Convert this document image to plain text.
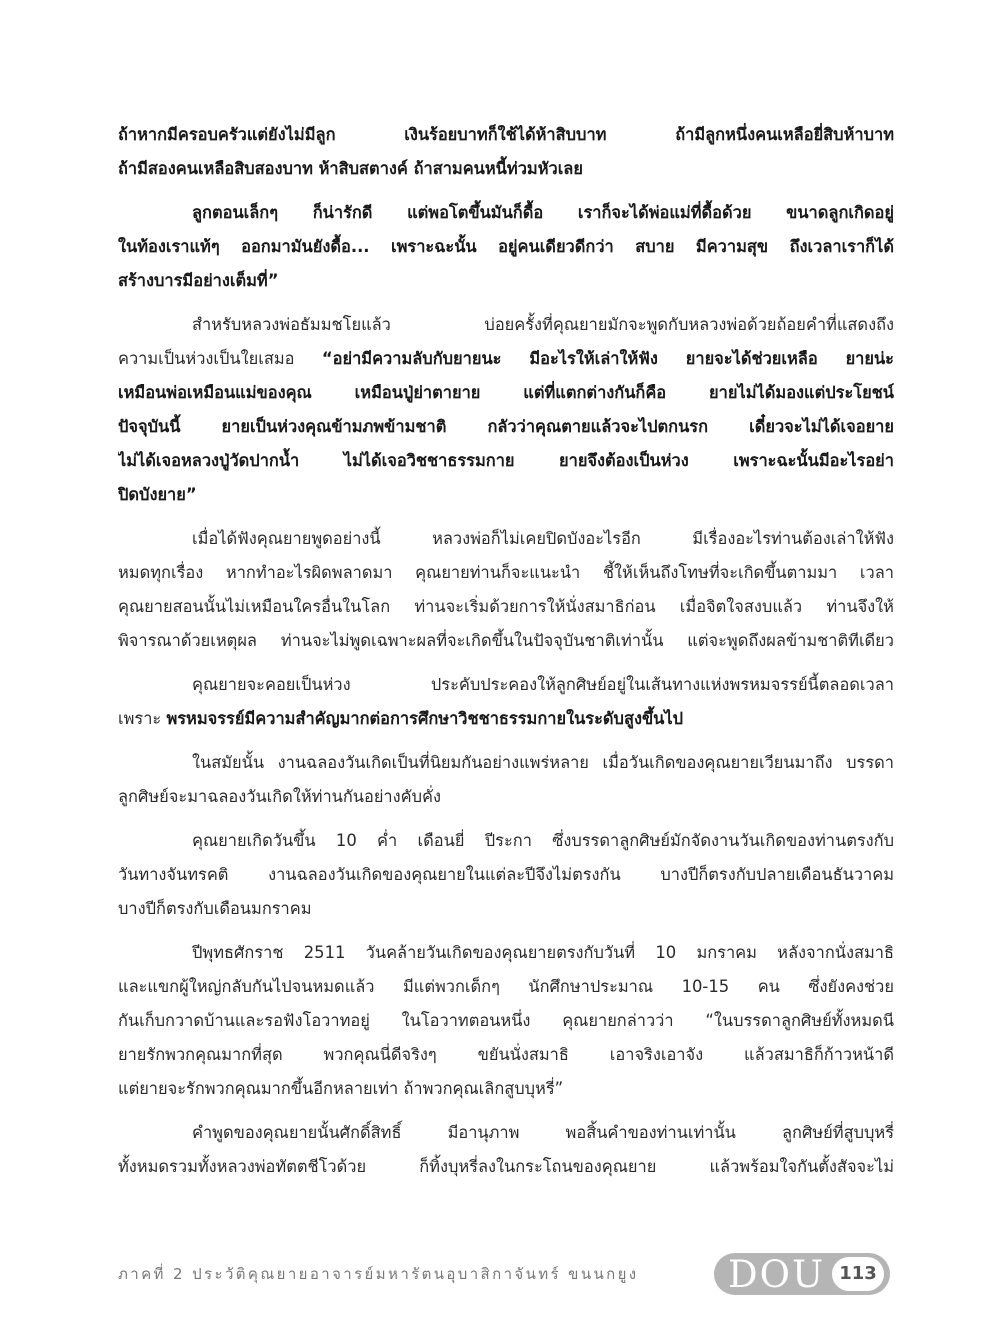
ถ้าหากมีครอบครัวแต่ยังไม่มีลูก เงินร้อยบาทก็ใช้ได้ห้าสิบบาท ถ้ามีลูกหนึ่งคนเหลือยี่สิบห้าบาท
ถ้ามีสองคนเหลือสิบสองบาท ห้าสิบสตางค์ ถ้าสามคนหนี้ท่วมหัวเลย
ลูกตอนเล็กๆ ก็น่ารักดี แต่พอโตขึ้นมันก็ดื้อ เราก็จะได้พ่อแม่ที่ดื้อด้วย ขนาดลูกเกิดอยู่
ในท้องเราแท้ๆ ออกมามันยังดื้อ... เพราะฉะนั้น อยู่คนเดียวดีกว่า สบาย มีความสุข ถึงเวลาเราก็ได้
สร้างบารมีอย่างเต็มที่”
สำหรับหลวงพ่อธัมมชโยแล้ว บ่อยครั้งที่คุณยายมักจะพูดกับหลวงพ่อด้วยถ้อยคำที่แสดงถึง
ความเป็นห่วงเป็นใยเสมอ “อย่ามีความลับกับยายนะ มีอะไรให้เล่าให้ฟัง ยายจะได้ช่วยเหลือ ยายน่ะ
เหมือนพ่อเหมือนแม่ของคุณ เหมือนปู่ย่าตายาย แต่ที่แตกต่างกันก็คือ ยายไม่ได้มองแต่ประโยชน์
ปัจจุบันนี้ ยายเป็นห่วงคุณข้ามภพข้ามชาติ กลัวว่าคุณตายแล้วจะไปตกนรก เดี๋ยวจะไม่ได้เจอยาย
ไม่ได้เจอหลวงปู่วัดปากน้ำ ไม่ได้เจอวิชชาธรรมกาย ยายจึงต้องเป็นห่วง เพราะฉะนั้นมีอะไรอย่า
ปิดบังยาย”
เมื่อได้ฟังคุณยายพูดอย่างนี้ หลวงพ่อก็ไม่เคยปิดบังอะไรอีก มีเรื่องอะไรท่านต้องเล่าให้ฟัง
หมดทุกเรื่อง หากทำอะไรผิดพลาดมา คุณยายท่านก็จะแนะนำ ชี้ให้เห็นถึงโทษที่จะเกิดขึ้นตามมา เวลา
คุณยายสอนนั้นไม่เหมือนใครอื่นในโลก ท่านจะเริ่มด้วยการให้นั่งสมาธิก่อน เมื่อจิตใจสงบแล้ว ท่านจึงให้
พิจารณาด้วยเหตุผล ท่านจะไม่พูดเฉพาะผลที่จะเกิดขึ้นในปัจจุบันชาติเท่านั้น แต่จะพูดถึงผลข้ามชาติทีเดียว
คุณยายจะคอยเป็นห่วง ประคับประคองให้ลูกศิษย์อยู่ในเส้นทางแห่งพรหมจรรย์นี้ตลอดเวลา
เพราะ พรหมจรรย์มีความสำคัญมากต่อการศึกษาวิชชาธรรมกายในระดับสูงขึ้นไป
ในสมัยนั้น งานฉลองวันเกิดเป็นที่นิยมกันอย่างแพร่หลาย เมื่อวันเกิดของคุณยายเวียนมาถึง บรรดา
ลูกศิษย์จะมาฉลองวันเกิดให้ท่านกันอย่างคับคั่ง
คุณยายเกิดวันขึ้น 10 ค่ำ เดือนยี่ ปีระกา ซึ่งบรรดาลูกศิษย์มักจัดงานวันเกิดของท่านตรงกับ
วันทางจันทรคติ งานฉลองวันเกิดของคุณยายในแต่ละปีจึงไม่ตรงกัน บางปีก็ตรงกับปลายเดือนธันวาคม
บางปีก็ตรงกับเดือนมกราคม
ปีพุทธศักราช 2511 วันคล้ายวันเกิดของคุณยายตรงกับวันที่ 10 มกราคม หลังจากนั่งสมาธิ
และแขกผู้ใหญ่กลับกันไปจนหมดแล้ว มีแต่พวกเด็กๆ นักศึกษาประมาณ 10-15 คน ซึ่งยังคงช่วย
กันเก็บกวาดบ้านและรอฟังโอวาทอยู่ ในโอวาทตอนหนึ่ง คุณยายกล่าวว่า “ในบรรดาลูกศิษย์ทั้งหมดนี
ยายรักพวกคุณมากที่สุด พวกคุณนี่ดีจริงๆ ขยันนั่งสมาธิ เอาจริงเอาจัง แล้วสมาธิก็ก้าวหน้าดี
แต่ยายจะรักพวกคุณมากขึ้นอีกหลายเท่า ถ้าพวกคุณเลิกสูบบุหรี่”
คำพูดของคุณยายนั้นศักดิ์สิทธิ์ มีอานุภาพ พอสิ้นคำของท่านเท่านั้น ลูกศิษย์ที่สูบบุหรี่
ทั้งหมดรวมทั้งหลวงพ่อทัตตชีโวด้วย ก็ทิ้งบุหรี่ลงในกระโถนของคุณยาย แล้วพร้อมใจกันตั้งสัจจะไม่
ภาคที่ 2 ประวัติคุณยายอาจารย์มหารัตนอุบาสิกาจันทร์ ขนนกยูง DOU 113
